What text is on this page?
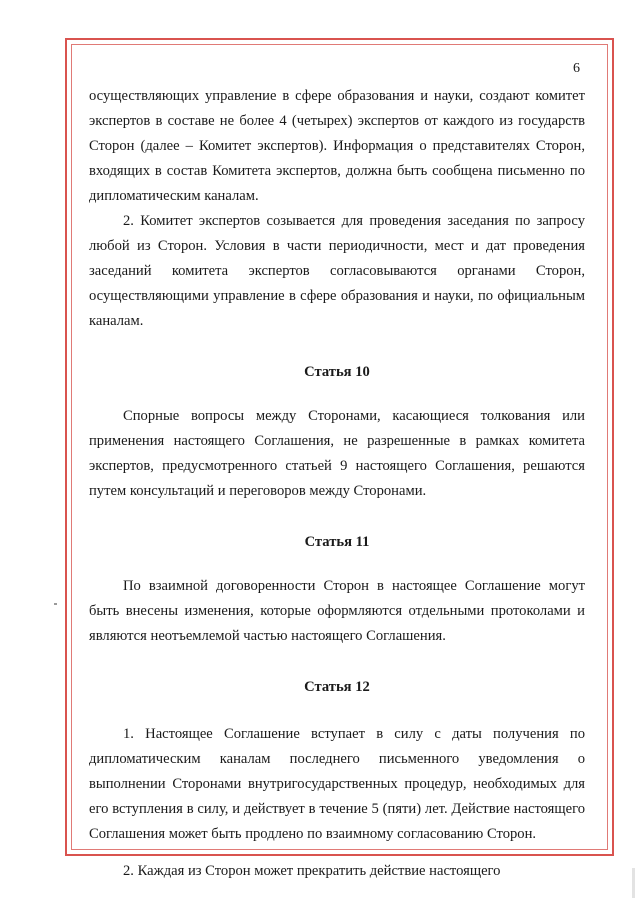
6

осуществляющих управление в сфере образования и науки, создают комитет экспертов в составе не более 4 (четырех) экспертов от каждого из государств Сторон (далее – Комитет экспертов). Информация о представителях Сторон, входящих в состав Комитета экспертов, должна быть сообщена письменно по дипломатическим каналам.

2. Комитет экспертов созывается для проведения заседания по запросу любой из Сторон. Условия в части периодичности, мест и дат проведения заседаний комитета экспертов согласовываются органами Сторон, осуществляющими управление в сфере образования и науки, по официальным каналам.

Статья 10

Спорные вопросы между Сторонами, касающиеся толкования или применения настоящего Соглашения, не разрешенные в рамках комитета экспертов, предусмотренного статьей 9 настоящего Соглашения, решаются путем консультаций и переговоров между Сторонами.

Статья 11

По взаимной договоренности Сторон в настоящее Соглашение могут быть внесены изменения, которые оформляются отдельными протоколами и являются неотъемлемой частью настоящего Соглашения.

Статья 12

1. Настоящее Соглашение вступает в силу с даты получения по дипломатическим каналам последнего письменного уведомления о выполнении Сторонами внутригосударственных процедур, необходимых для его вступления в силу, и действует в течение 5 (пяти) лет. Действие настоящего Соглашения может быть продлено по взаимному согласованию Сторон.

2. Каждая из Сторон может прекратить действие настоящего
